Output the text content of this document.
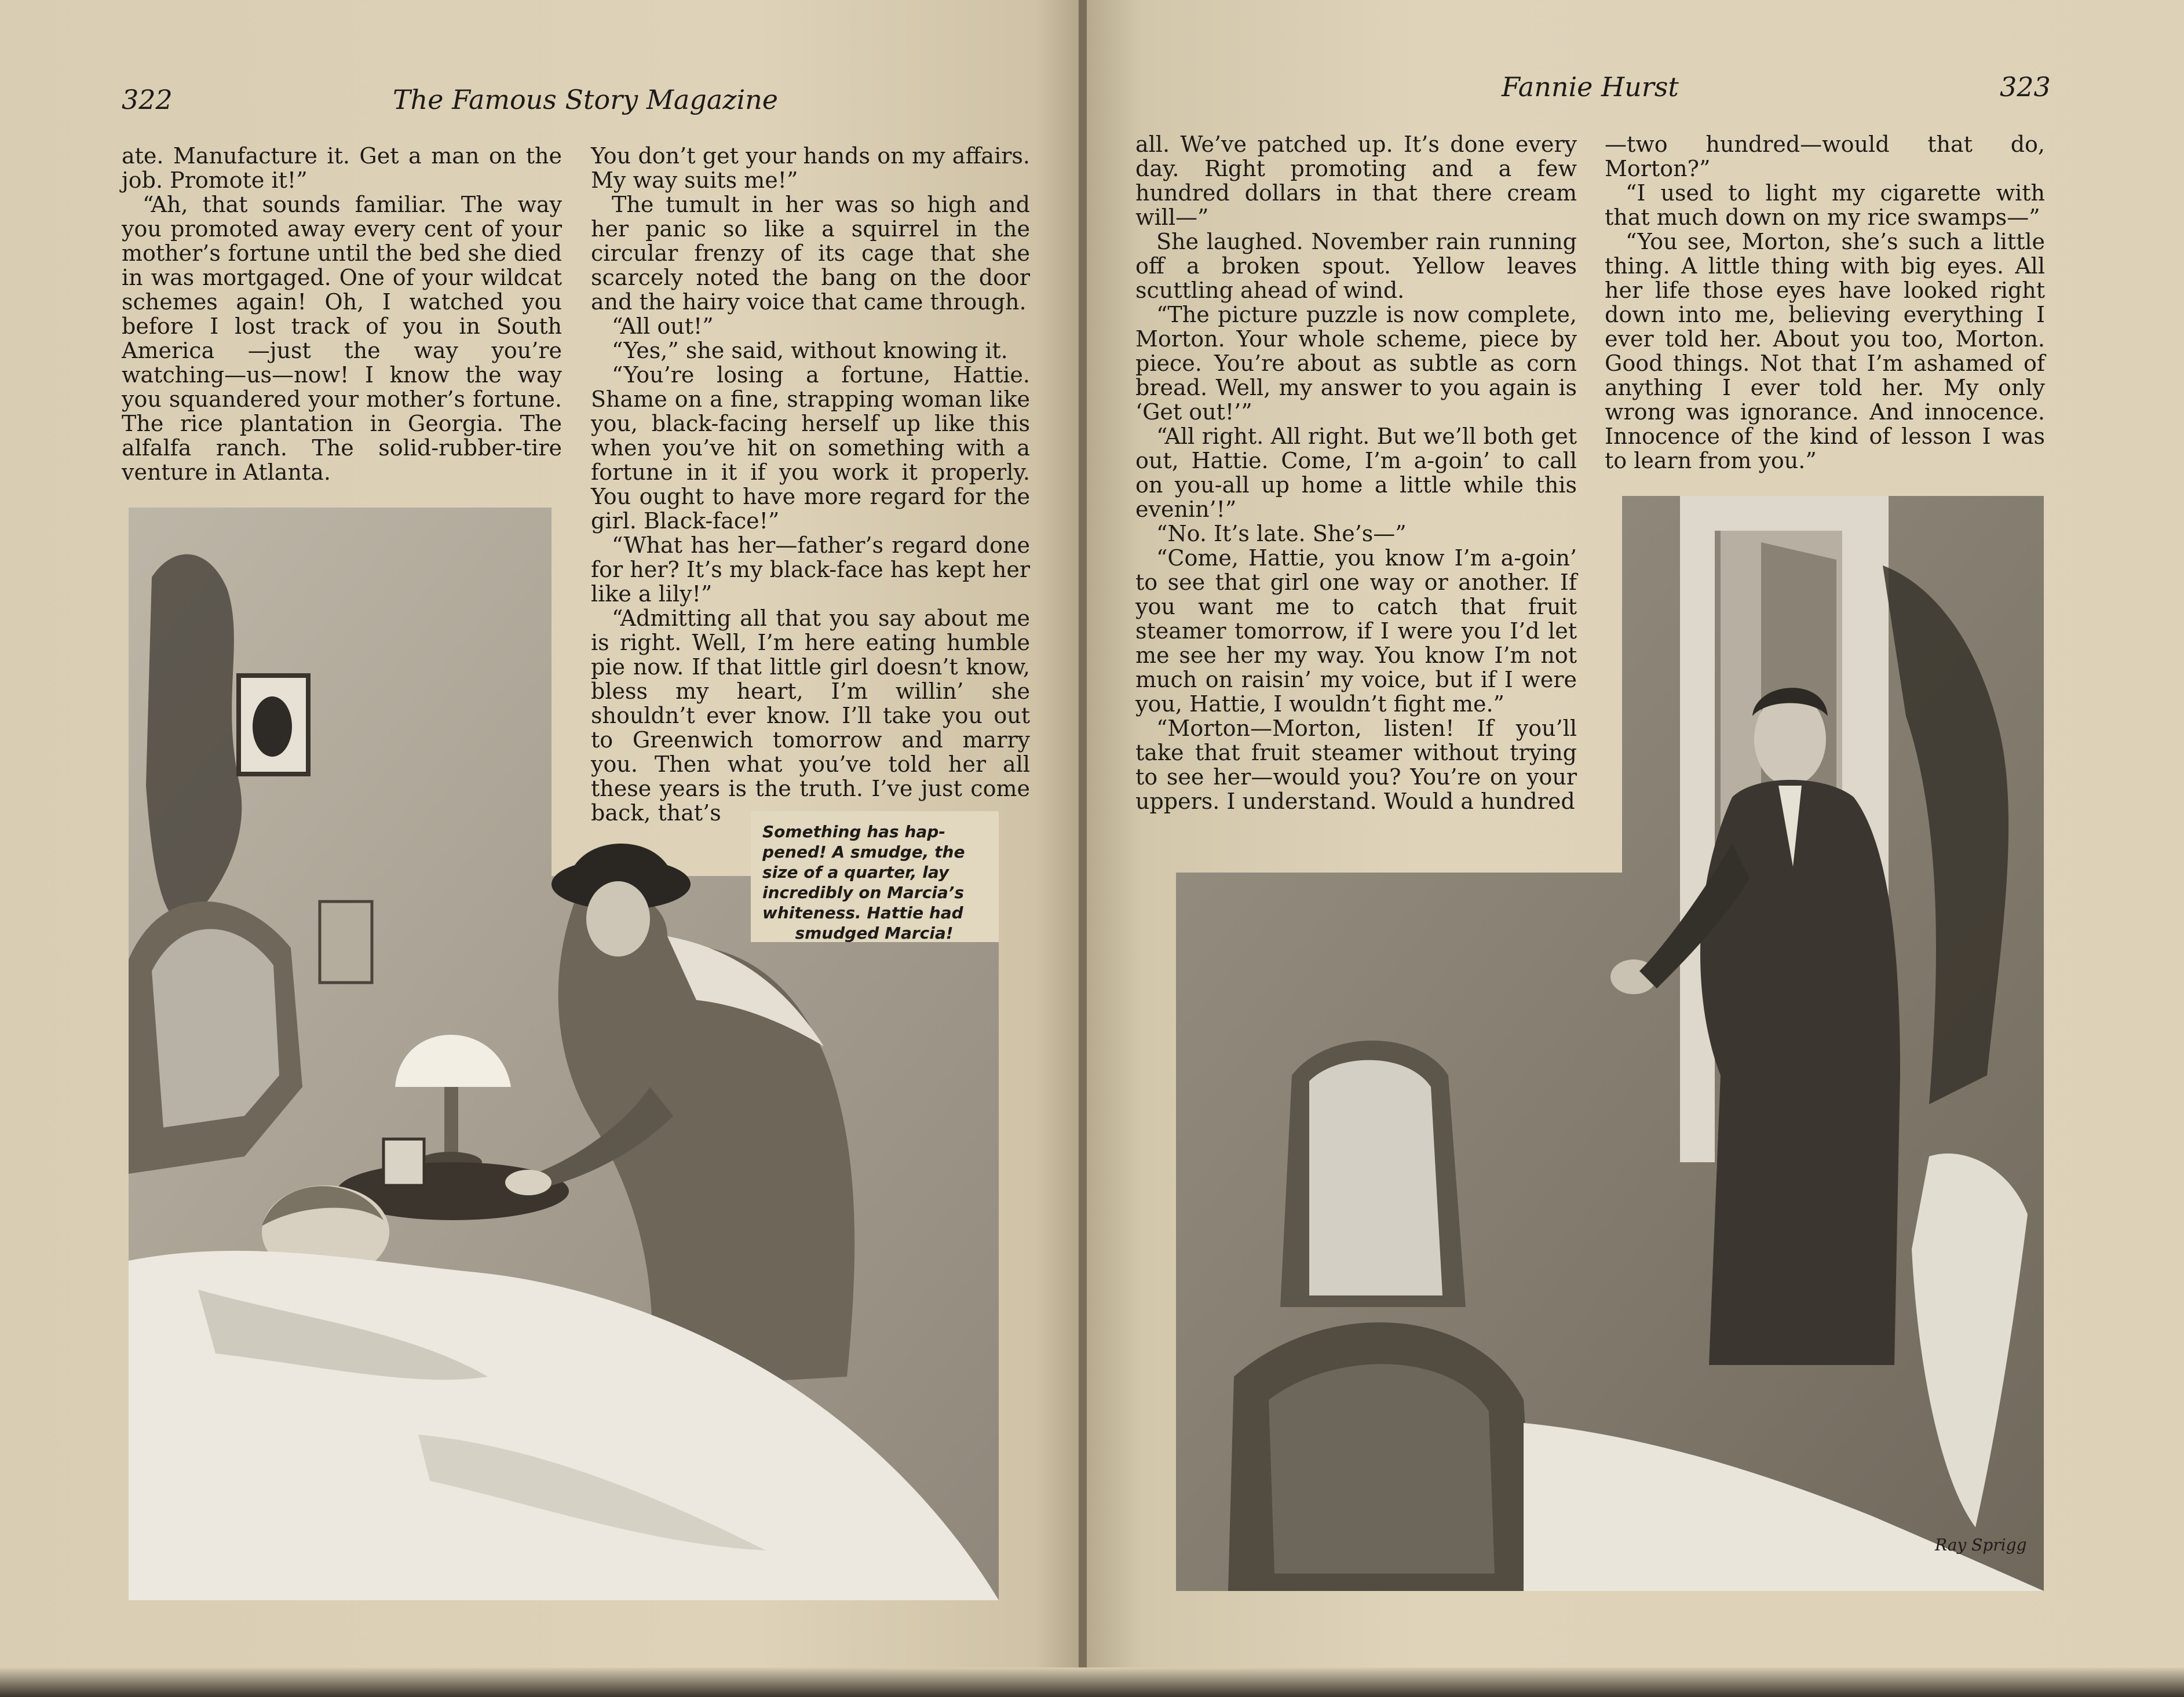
322	The Famous Story Magazine

ate. Manufacture it. Get a man on the job. Promote it!”

“Ah, that sounds familiar. The way you promoted away every cent of your mother’s fortune until the bed she died in was mortgaged. One of your wildcat schemes again! Oh, I watched you before I lost track of you in South America —just the way you’re watching—us—now! I know the way you squandered your mother’s fortune. The rice plantation in Georgia. The alfalfa ranch. The solid-rubber-tire venture in Atlanta.

You don’t get your hands on my affairs. My way suits me!”

The tumult in her was so high and her panic so like a squirrel in the circular frenzy of its cage that she scarcely noted the bang on the door and the hairy voice that came through.

“All out!”

“Yes,” she said, without knowing it.

“You’re losing a fortune, Hattie. Shame on a fine, strapping woman like you, black-facing herself up like this when you’ve hit on something with a fortune in it if you work it properly. You ought to have more regard for the girl. Black-face!”

“What has her—father’s regard done for her? It’s my black-face has kept her like a lily!”

“Admitting all that you say about me is right. Well, I’m here eating humble pie now. If that little girl doesn’t know, bless my heart, I’m willin’ she shouldn’t ever know. I’ll take you out to Greenwich tomorrow and marry you. Then what you’ve told her all these years is the truth. I’ve just come back, that’s

Something has hap-
pened! A smudge, the
size of a quarter, lay
incredibly on Marcia’s
whiteness. Hattie had
smudged Marcia!
Fannie Hurst	323

all. We’ve patched up. It’s done every day. Right promoting and a few hundred dollars in that there cream will—”

She laughed. November rain running off a broken spout. Yellow leaves scuttling ahead of wind.

“The picture puzzle is now complete, Morton. Your whole scheme, piece by piece. You’re about as subtle as corn bread. Well, my answer to you again is ‘Get out!’”

“All right. All right. But we’ll both get out, Hattie. Come, I’m a-goin’ to call on you-all up home a little while this evenin’!”

“No. It’s late. She’s—”

“Come, Hattie, you know I’m a-goin’ to see that girl one way or another. If you want me to catch that fruit steamer tomorrow, if I were you I’d let me see her my way. You know I’m not much on raisin’ my voice, but if I were you, Hattie, I wouldn’t fight me.”

“Morton—Morton, listen! If you’ll take that fruit steamer without trying to see her—would you? You’re on your uppers. I understand. Would a hundred

—two hundred—would that do, Morton?”

“I used to light my cigarette with that much down on my rice swamps—”

“You see, Morton, she’s such a little thing. A little thing with big eyes. All her life those eyes have looked right down into me, believing everything I ever told her. About you too, Morton. Good things. Not that I’m ashamed of anything I ever told her. My only wrong was ignorance. And innocence. Innocence of the kind of lesson I was to learn from you.”

Ray Sprigg
